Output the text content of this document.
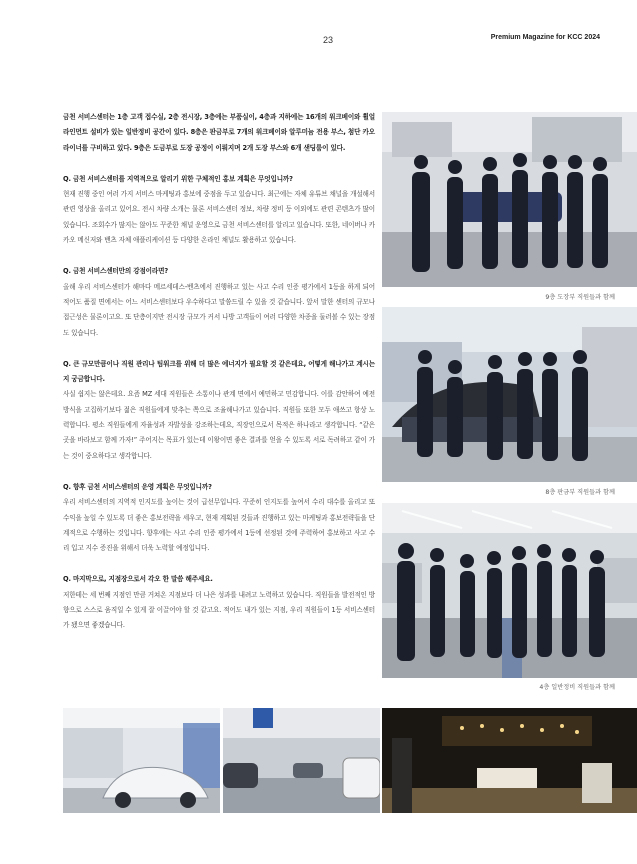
23	Premium Magazine for KCC 2024

금천 서비스센터는 1층 고객 접수실, 2층 전시장, 3층에는 부품실이, 4층과 지하에는 16개의 워크베이와 휠얼라인먼트 설비가 있는 일반정비 공간이 있다. 8층은 판금부로 7개의 워크베이와 알루미늄 전용 부스, 첨단 카오라이너를 구비하고 있다. 9층은 도금부로 도장 공정이 이뤄지며 2개 도장 부스와 6개 샌딩룸이 있다.

Q. 금천 서비스센터를 지역적으로 알리기 위한 구체적인 홍보 계획은 무엇입니까?

현재 진행 중인 여러 가지 서비스 마케팅과 홍보에 중점을 두고 있습니다. 최근에는 자체 유튜브 채널을 개설해서 관련 영상을 올리고 있어요. 전시 차량 소개는 물론 서비스센터 정보, 차량 정비 등 이외에도 관련 콘텐츠가 많이 있습니다. 조회수가 많지는 않아도 꾸준한 채널 운영으로 금천 서비스센터를 알리고 있습니다. 또한, 네이버나 카카오 메신저와 밴츠 자체 애플리케이션 등 다양한 온라인 채널도 활용하고 있습니다.

Q. 금천 서비스센터만의 강점이라면?

올해 우리 서비스센터가 해마다 메르세데스-벤츠에서 진행하고 있는 사고 수리 인증 평가에서 1등을 하게 되어 적어도 품질 면에서는 어느 서비스센터보다 우수하다고 말씀드릴 수 있을 것 같습니다. 앞서 말한 센터의 규모나 접근성은 물론이고요. 또 단층이지만 전시장 규모가 커서 나방 고객들이 여러 다양한 차종을 둘러볼 수 있는 장점도 있습니다.

Q. 큰 규모만큼이나 직원 관리나 팀워크를 위해 더 많은 에너지가 필요할 것 같은데요, 어떻게 해나가고 계시는지 궁금합니다.

사실 쉽지는 않은데요. 요즘 MZ 세대 직원들은 소통이나 관계 면에서 예민하고 민감합니다. 이를 감안하여 예전 방식을 고집하기보다 젊은 직원들에게 맞추는 쪽으로 조율해나가고 있습니다. 직원들 또한 모두 애쓰고 항상 노력합니다. 평소 직원들에게 자율성과 자발성을 강조하는데요, 직장인으로서 목적은 하나라고 생각합니다. “같은 곳을 바라보고 함께 가자!” 주어지는 목표가 있는데 이왕이면 좋은 결과를 얻을 수 있도록 서로 독려하고 같이 가는 것이 중요하다고 생각합니다.

Q. 향후 금천 서비스센터의 운영 계획은 무엇입니까?

우리 서비스센터의 지역적 인지도를 높이는 것이 급선무입니다. 꾸준히 인지도를 높여서 수리 대수를 올리고 또 수익을 높일 수 있도록 더 좋은 홍보전략을 세우고, 현재 계획된 것들과 진행하고 있는 마케팅과 홍보전략들을 단계적으로 수행하는 것입니다. 향후에는 사고 수리 인증 평가에서 1등에 선정된 것에 주력하여 홍보하고 사고 수리 입고 지수 증진을 위해서 더욱 노력할 예정입니다.

Q. 마지막으로, 지점장으로서 각오 한 말씀 해주세요.

저한테는 세 번째 지점인 만큼 거쳐온 지점보다 더 나은 성과를 내려고 노력하고 있습니다. 직원들을 발전적인 방향으로 스스로 움직일 수 있게 잘 이끌어야 할 것 같고요. 적어도 내가 있는 지점, 우리 직원들이 1등 서비스센터가 됐으면 좋겠습니다.

9층 도장부 직원들과 함께
8층 판금부 직원들과 함께
4층 일반정비 직원들과 함께
